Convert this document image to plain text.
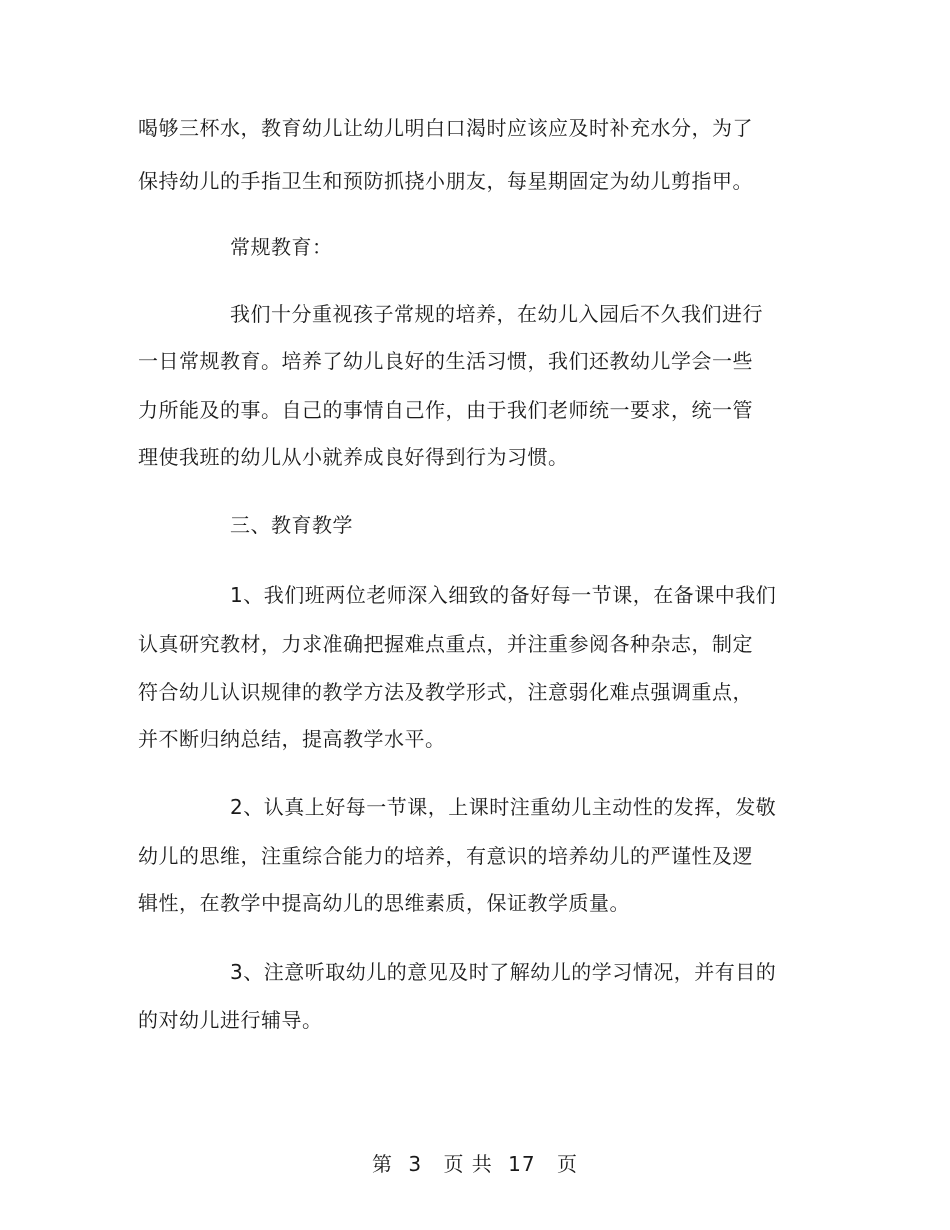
喝够三杯水，教育幼儿让幼儿明白口渴时应该应及时补充水分，为了
保持幼儿的手指卫生和预防抓挠小朋友，每星期固定为幼儿剪指甲。
常规教育：
我们十分重视孩子常规的培养，在幼儿入园后不久我们进行
一日常规教育。培养了幼儿良好的生活习惯，我们还教幼儿学会一些
力所能及的事。自己的事情自己作，由于我们老师统一要求，统一管
理使我班的幼儿从小就养成良好得到行为习惯。
三、教育教学
1、我们班两位老师深入细致的备好每一节课，在备课中我们
认真研究教材，力求准确把握难点重点，并注重参阅各种杂志，制定
符合幼儿认识规律的教学方法及教学形式，注意弱化难点强调重点，
并不断归纳总结，提高教学水平。
2、认真上好每一节课，上课时注重幼儿主动性的发挥，发敬
幼儿的思维，注重综合能力的培养，有意识的培养幼儿的严谨性及逻
辑性，在教学中提高幼儿的思维素质，保证教学质量。
3、注意听取幼儿的意见及时了解幼儿的学习情况，并有目的
的对幼儿进行辅导。
第 3 页 共 17 页
